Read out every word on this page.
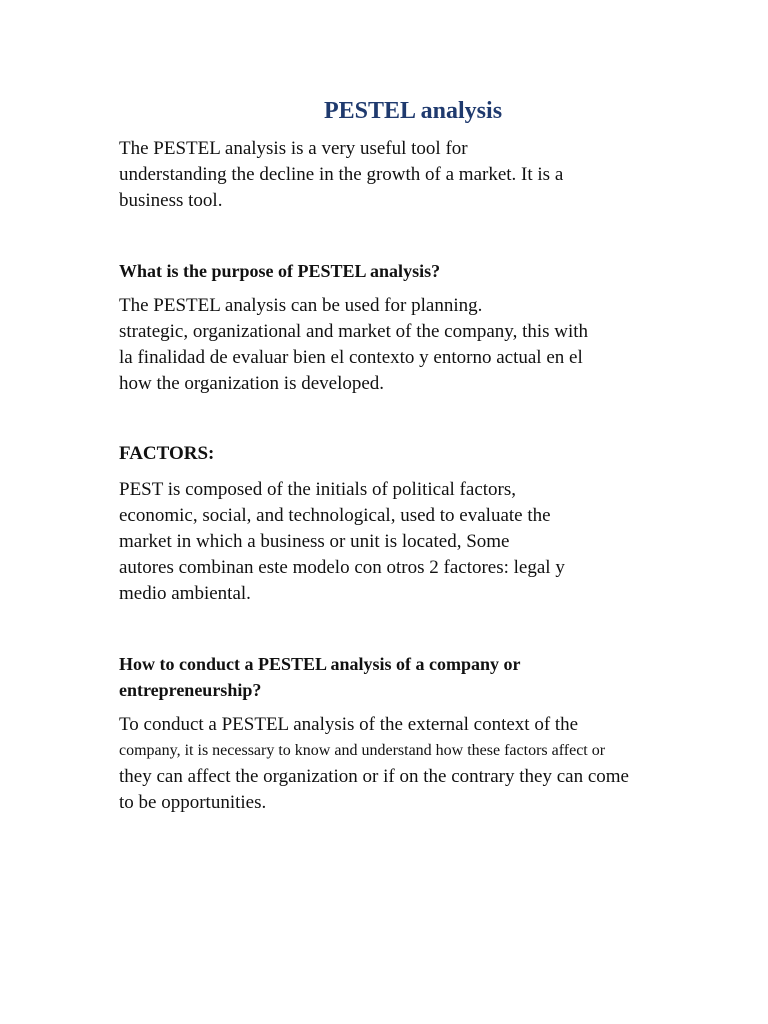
PESTEL analysis

The PESTEL analysis is a very useful tool for

understanding the decline in the growth of a market. It is a

business tool.

What is the purpose of PESTEL analysis?

The PESTEL analysis can be used for planning.

strategic, organizational and market of the company, this with

la finalidad de evaluar bien el contexto y entorno actual en el

how the organization is developed.

FACTORS:

PEST is composed of the initials of political factors,

economic, social, and technological, used to evaluate the

market in which a business or unit is located, Some

autores combinan este modelo con otros 2 factores: legal y

medio ambiental.

How to conduct a PESTEL analysis of a company or
entrepreneurship?

To conduct a PESTEL analysis of the external context of the

company, it is necessary to know and understand how these factors affect or

they can affect the organization or if on the contrary they can come

to be opportunities.
